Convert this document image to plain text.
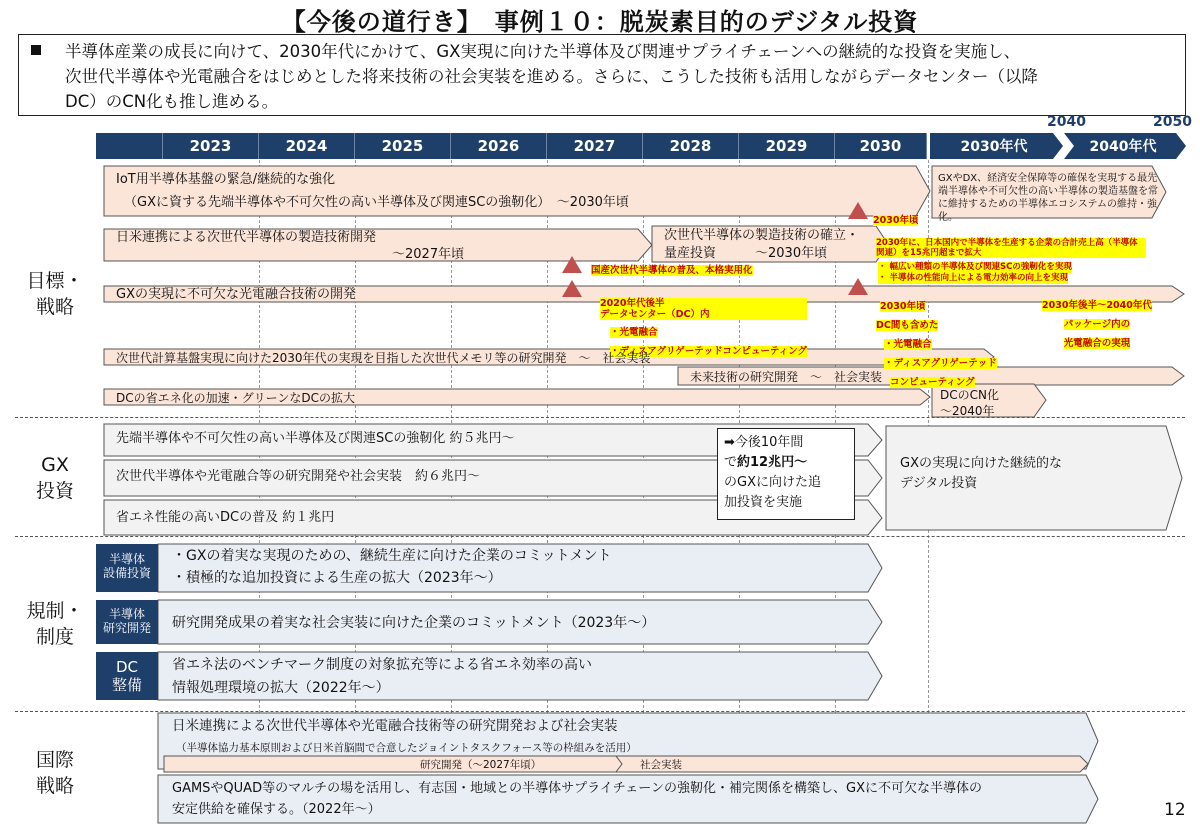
【今後の道行き】　事例１０：脱炭素目的のデジタル投資
半導体産業の成長に向けて、2030年代にかけて、GX実現に向けた半導体及び関連サプライチェーンへの継続的な投資を実施し、
次世代半導体や光電融合をはじめとした将来技術の社会実装を進める。さらに、こうした技術も活用しながらデータセンター（以降
DC）のCN化も推し進める。
2040	2050
2023	2024	2025	2026	2027	2028	2029	2030	2030年代	2040年代
目標・
戦略
GX
投資
規制・
制度
国際
戦略
IoT用半導体基盤の緊急/継続的な強化
（GXに資する先端半導体や不可欠性の高い半導体及び関連SCの強靭化）　～2030年頃
GXやDX、経済安全保障等の確保を実現する最先端半導体や不可欠性の高い半導体の製造基盤を常に維持するための半導体エコシステムの維持・強化。
日米連携による次世代半導体の製造技術開発
～2027年頃
次世代半導体の製造技術の確立・
量産投資　　　～2030年頃
2030年頃
2030年に、日本国内で半導体を生産する企業の合計売上高（半導体関連）を15兆円超まで拡大
・ 幅広い種類の半導体及び関連SCの強靭化を実現
・ 半導体の性能向上による電力効率の向上を実現
国産次世代半導体の普及、本格実用化
GXの実現に不可欠な光電融合技術の開発
2020年代後半
データセンター（DC）内
・光電融合
・ディスアグリゲーテッドコンピューティング
2030年頃
DC間も含めた
・光電融合
・ディスアグリゲーテッド
コンピューティング
2030年後半～2040年代
パッケージ内の
光電融合の実現
次世代計算基盤実現に向けた2030年代の実現を目指した次世代メモリ等の研究開発　～　社会実装
未来技術の研究開発　～　社会実装
DCの省エネ化の加速・グリーンなDCの拡大	DCのCN化
～2040年
先端半導体や不可欠性の高い半導体及び関連SCの強靭化 約５兆円～
次世代半導体や光電融合等の研究開発や社会実装　約６兆円～
省エネ性能の高いDCの普及 約１兆円
➡今後10年間
で約12兆円～
のGXに向けた追
加投資を実施
GXの実現に向けた継続的な
デジタル投資
半導体
設備投資
・GXの着実な実現のための、継続生産に向けた企業のコミットメント
・積極的な追加投資による生産の拡大（2023年～）
半導体
研究開発	研究開発成果の着実な社会実装に向けた企業のコミットメント（2023年～）
DC
整備
省エネ法のベンチマーク制度の対象拡充等による省エネ効率の高い
情報処理環境の拡大（2022年～）
日米連携による次世代半導体や光電融合技術等の研究開発および社会実装
（半導体協力基本原則および日米首脳間で合意したジョイントタスクフォース等の枠組みを活用）
研究開発（～2027年頃）	社会実装
GAMSやQUAD等のマルチの場を活用し、有志国・地域との半導体サプライチェーンの強靭化・補完関係を構築し、GXに不可欠な半導体の
安定供給を確保する。（2022年～）	12
